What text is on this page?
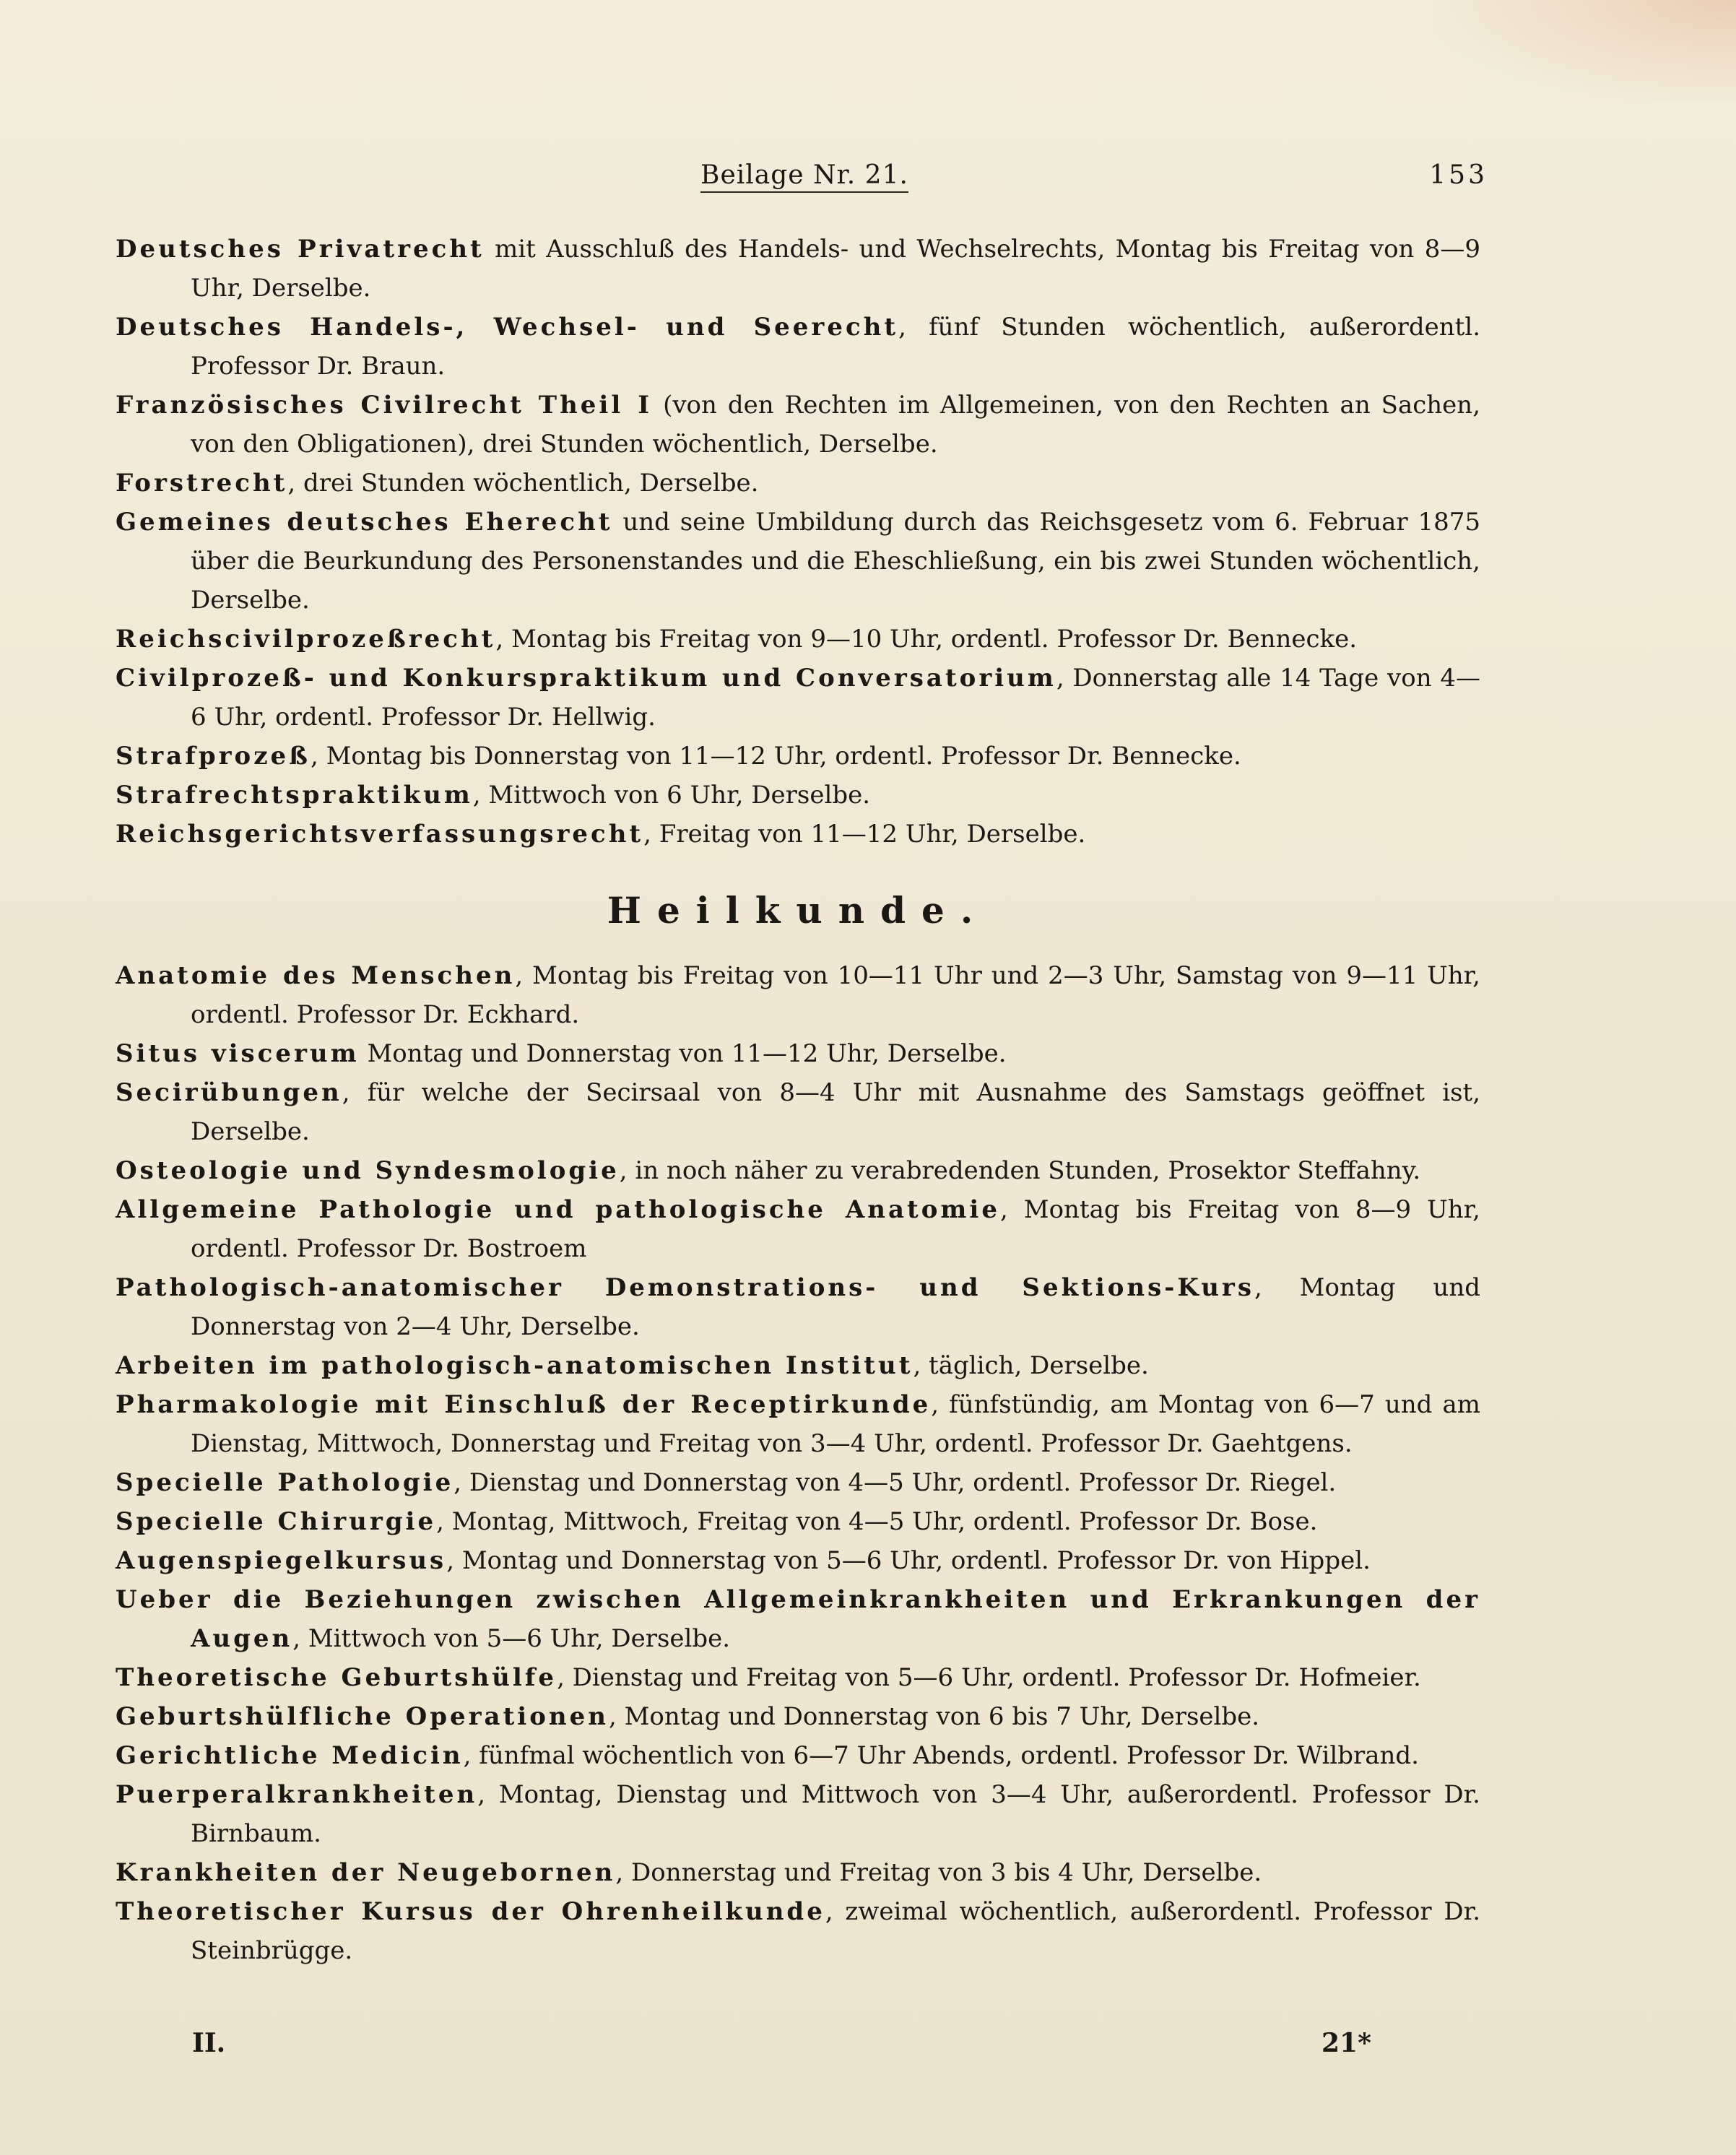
Beilage Nr. 21.	153

Deutsches Privatrecht mit Ausschluß des Handels- und Wechselrechts, Montag bis Freitag von 8—9 Uhr, Derselbe.

Deutsches Handels-, Wechsel- und Seerecht, fünf Stunden wöchentlich, außerordentl. Professor Dr. Braun.

Französisches Civilrecht Theil I (von den Rechten im Allgemeinen, von den Rechten an Sachen, von den Obligationen), drei Stunden wöchentlich, Derselbe.

Forstrecht, drei Stunden wöchentlich, Derselbe.

Gemeines deutsches Eherecht und seine Umbildung durch das Reichsgesetz vom 6. Februar 1875 über die Beurkundung des Personenstandes und die Eheschließung, ein bis zwei Stunden wöchentlich, Derselbe.

Reichscivilprozeßrecht, Montag bis Freitag von 9—10 Uhr, ordentl. Professor Dr. Bennecke.

Civilprozeß- und Konkurspraktikum und Conversatorium, Donnerstag alle 14 Tage von 4—6 Uhr, ordentl. Professor Dr. Hellwig.

Strafprozeß, Montag bis Donnerstag von 11—12 Uhr, ordentl. Professor Dr. Bennecke.

Strafrechtspraktikum, Mittwoch von 6 Uhr, Derselbe.

Reichsgerichtsverfassungsrecht, Freitag von 11—12 Uhr, Derselbe.

Heilkunde.

Anatomie des Menschen, Montag bis Freitag von 10—11 Uhr und 2—3 Uhr, Samstag von 9—11 Uhr, ordentl. Professor Dr. Eckhard.

Situs viscerum Montag und Donnerstag von 11—12 Uhr, Derselbe.

Secirübungen, für welche der Secirsaal von 8—4 Uhr mit Ausnahme des Samstags geöffnet ist, Derselbe.

Osteologie und Syndesmologie, in noch näher zu verabredenden Stunden, Prosektor Steffahny.

Allgemeine Pathologie und pathologische Anatomie, Montag bis Freitag von 8—9 Uhr, ordentl. Professor Dr. Bostroem

Pathologisch-anatomischer Demonstrations- und Sektions-Kurs, Montag und Donnerstag von 2—4 Uhr, Derselbe.

Arbeiten im pathologisch-anatomischen Institut, täglich, Derselbe.

Pharmakologie mit Einschluß der Receptirkunde, fünfstündig, am Montag von 6—7 und am Dienstag, Mittwoch, Donnerstag und Freitag von 3—4 Uhr, ordentl. Professor Dr. Gaehtgens.

Specielle Pathologie, Dienstag und Donnerstag von 4—5 Uhr, ordentl. Professor Dr. Riegel.

Specielle Chirurgie, Montag, Mittwoch, Freitag von 4—5 Uhr, ordentl. Professor Dr. Bose.

Augenspiegelkursus, Montag und Donnerstag von 5—6 Uhr, ordentl. Professor Dr. von Hippel.

Ueber die Beziehungen zwischen Allgemeinkrankheiten und Erkrankungen der Augen, Mittwoch von 5—6 Uhr, Derselbe.

Theoretische Geburtshülfe, Dienstag und Freitag von 5—6 Uhr, ordentl. Professor Dr. Hofmeier.

Geburtshülfliche Operationen, Montag und Donnerstag von 6 bis 7 Uhr, Derselbe.

Gerichtliche Medicin, fünfmal wöchentlich von 6—7 Uhr Abends, ordentl. Professor Dr. Wilbrand.

Puerperalkrankheiten, Montag, Dienstag und Mittwoch von 3—4 Uhr, außerordentl. Professor Dr. Birnbaum.

Krankheiten der Neugebornen, Donnerstag und Freitag von 3 bis 4 Uhr, Derselbe.

Theoretischer Kursus der Ohrenheilkunde, zweimal wöchentlich, außerordentl. Professor Dr. Steinbrügge.

II.	21*
